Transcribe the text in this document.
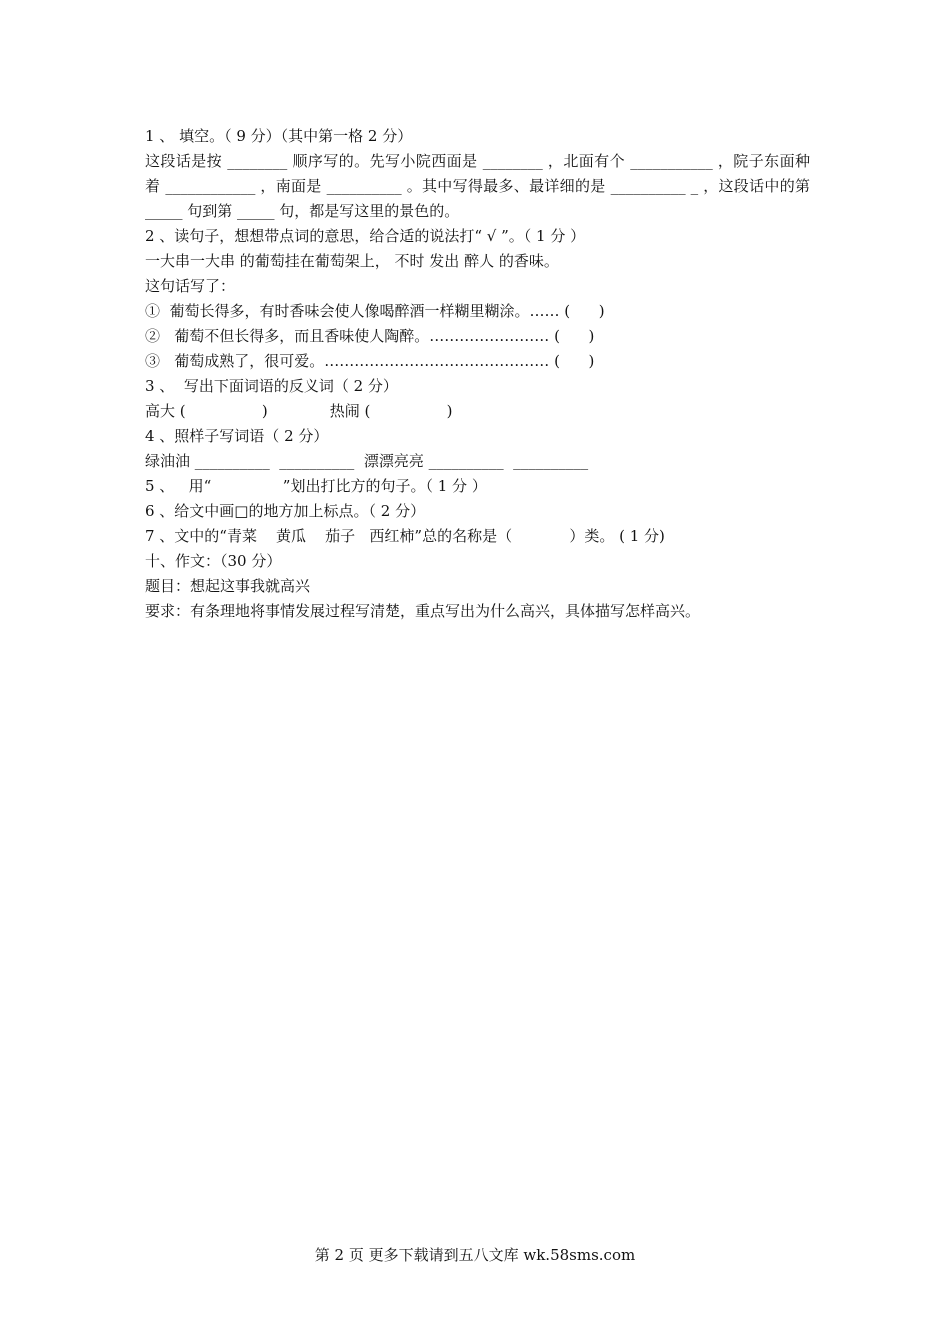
1 、 填空。（ 9 分）（其中第一格 2 分）
这段话是按 ________ 顺序写的。先写小院西面是 ________ ，北面有个 ___________ ，院子东面种着 ____________ ，南面是 __________ 。其中写得最多、最详细的是 __________ _ ，这段话中的第 _____ 句到第 _____ 句，都是写这里的景色的。
2 、读句子，想想带点词的意思，给合适的说法打“ √ ”。（ 1 分 ）
一大串一大串 的葡萄挂在葡萄架上， 不时 发出 醉人 的香味。
这句话写了：
①  葡萄长得多，有时香味会使人像喝醉酒一样糊里糊涂。…… (      )
②   葡萄不但长得多，而且香味使人陶醉。…………………… (      )
③   葡萄成熟了，很可爱。……………………………………… (      )
3 、  写出下面词语的反义词（ 2 分）
高大 (                )             热闹 (                )
4 、照样子写词语（ 2 分）
绿油油 __________  __________  漂漂亮亮 __________  __________
5 、   用“               ”划出打比方的句子。（ 1 分 ）
6 、给文中画□的地方加上标点。（ 2 分）
7 、文中的“青菜    黄瓜    茄子   西红柿”总的名称是（            ）类。 ( 1 分)
十、作文：（30 分）
题目：想起这事我就高兴
要求：有条理地将事情发展过程写清楚，重点写出为什么高兴，具体描写怎样高兴。
第 2 页 更多下载请到五八文库 wk.58sms.com
